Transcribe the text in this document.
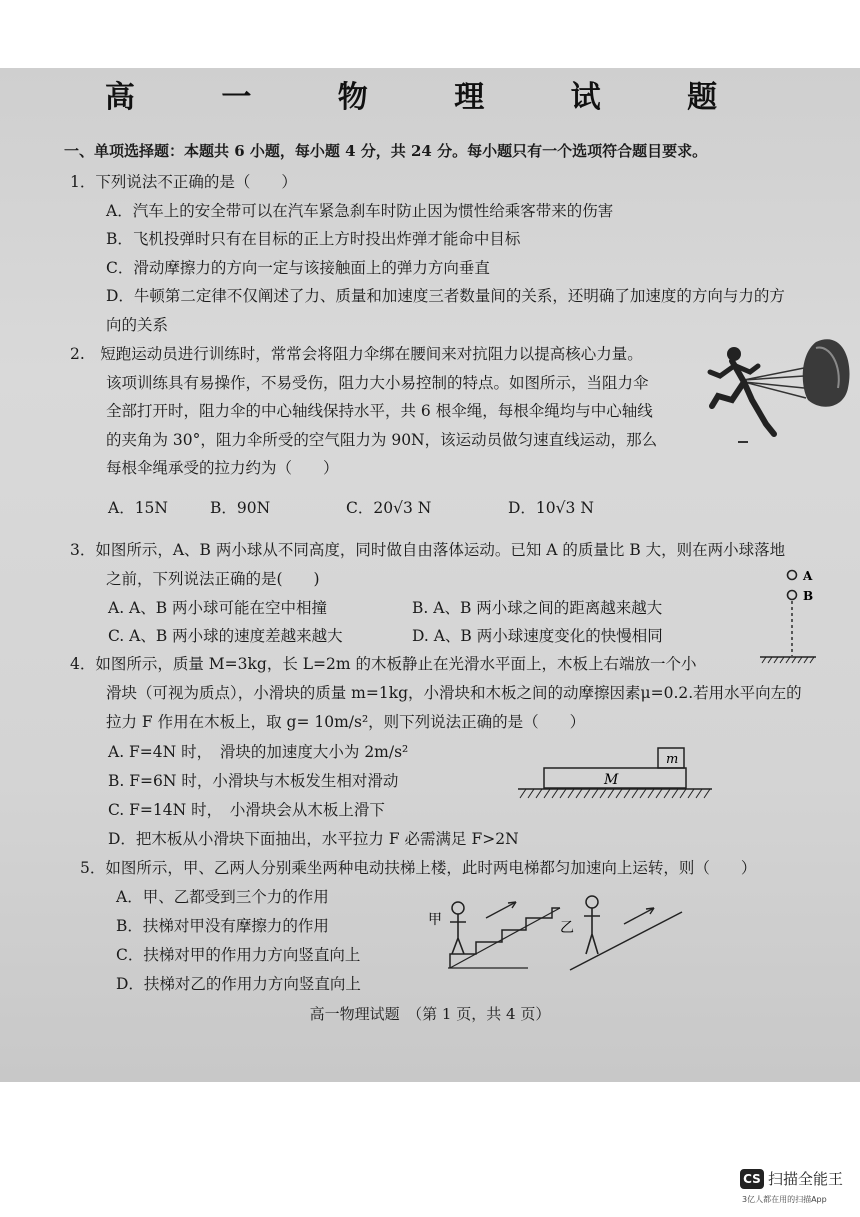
高 一 物 理 试 题
一、单项选择题：本题共 6 小题，每小题 4 分，共 24 分。每小题只有一个选项符合题目要求。
1．下列说法不正确的是（　　）
A．汽车上的安全带可以在汽车紧急刹车时防止因为惯性给乘客带来的伤害
B．飞机投弹时只有在目标的正上方时投出炸弹才能命中目标
C．滑动摩擦力的方向一定与该接触面上的弹力方向垂直
D．牛顿第二定律不仅阐述了力、质量和加速度三者数量间的关系，还明确了加速度的方向与力的方
向的关系
2.　短跑运动员进行训练时，常常会将阻力伞绑在腰间来对抗阻力以提高核心力量。
该项训练具有易操作，不易受伤，阻力大小易控制的特点。如图所示，当阻力伞
全部打开时，阻力伞的中心轴线保持水平，共 6 根伞绳，每根伞绳均与中心轴线
的夹角为 30°，阻力伞所受的空气阻力为 90N，该运动员做匀速直线运动，那么
每根伞绳承受的拉力约为（　　）
A．15N	B．90N	C．20√3 N	D．10√3 N
3．如图所示，A、B 两小球从不同高度，同时做自由落体运动。已知 A 的质量比 B 大，则在两小球落地
之前，下列说法正确的是(　　)
A. A、B 两小球可能在空中相撞	B. A、B 两小球之间的距离越来越大
C. A、B 两小球的速度差越来越大	D. A、B 两小球速度变化的快慢相同
A
B
4．如图所示，质量 M=3kg，长 L=2m 的木板静止在光滑水平面上，木板上右端放一个小
滑块（可视为质点），小滑块的质量 m=1kg，小滑块和木板之间的动摩擦因素μ=0.2.若用水平向左的
拉力 F 作用在木板上，取 g= 10m/s²，则下列说法正确的是（　　）
A. F=4N 时，　滑块的加速度大小为 2m/s²
B. F=6N 时，小滑块与木板发生相对滑动
C. F=14N 时，　小滑块会从木板上滑下
D．把木板从小滑块下面抽出，水平拉力 F 必需满足 F>2N
m
M
5．如图所示，甲、乙两人分别乘坐两种电动扶梯上楼，此时两电梯都匀加速向上运转，则（　　）
A．甲、乙都受到三个力的作用
B．扶梯对甲没有摩擦力的作用
C．扶梯对甲的作用力方向竖直向上
D．扶梯对乙的作用力方向竖直向上
甲	乙
高一物理试题　（第 1 页，共 4 页）
CS 扫描全能王
3亿人都在用的扫描App
